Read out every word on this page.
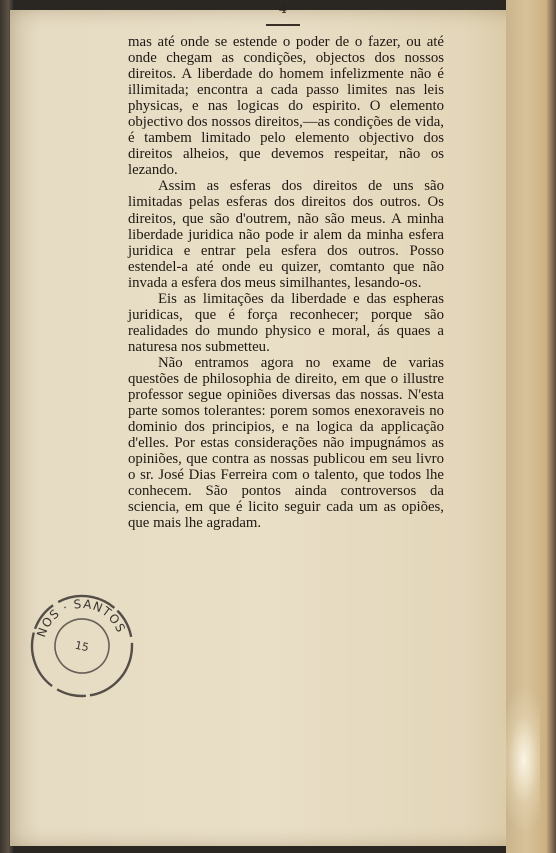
4

mas até onde se estende o poder de o fazer, ou até onde chegam as condições, objectos dos nossos direitos. A liberdade do homem infelizmente não é illimitada; encontra a cada passo limites nas leis physicas, e nas logicas do espirito. O elemento objectivo dos nossos direitos,—as condições de vida, é tambem limitado pelo elemento objectivo dos direitos alheios, que devemos respeitar, não os lezando.

Assim as esferas dos direitos de uns são limitadas pelas esferas dos direitos dos outros. Os direitos, que são d'outrem, não são meus. A minha liberdade juridica não pode ir alem da minha esfera juridica e entrar pela esfera dos outros. Posso estendel-a até onde eu quizer, comtanto que não invada a esfera dos meus similhantes, lesando-os.

Eis as limitações da liberdade e das espheras juridicas, que é força reconhecer; porque são realidades do mundo physico e moral, ás quaes a naturesa nos submetteu.

Não entramos agora no exame de varias questões de philosophia de direito, em que o illustre professor segue opiniões diversas das nossas. N'esta parte somos tolerantes: porem somos enexoraveis no dominio dos principios, e na logica da applicação d'elles. Por estas considerações não impugnámos as opiniões, que contra as nossas publicou em seu livro o sr. José Dias Ferreira com o talento, que todos lhe conhecem. São pontos ainda controversos da sciencia, em que é licito seguir cada um as opiões, que mais lhe agradam.

NOS · SANTOS
15
